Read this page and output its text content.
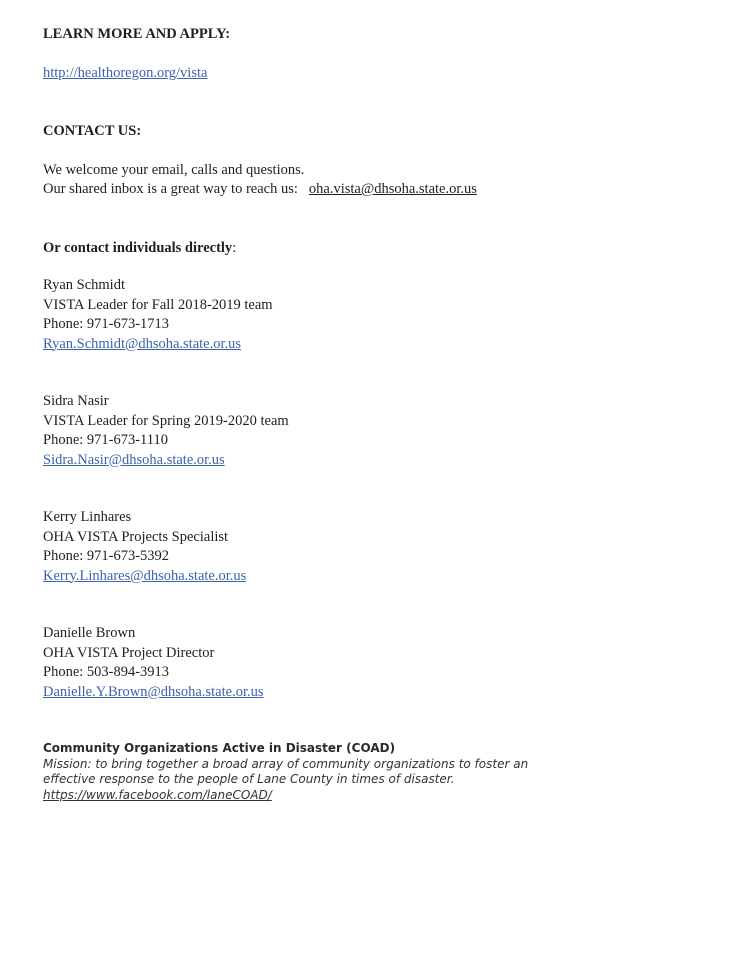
LEARN MORE AND APPLY:

http://healthoregon.org/vista

CONTACT US:

We welcome your email, calls and questions.
Our shared inbox is a great way to reach us: oha.vista@dhsoha.state.or.us

Or contact individuals directly:

Ryan Schmidt
VISTA Leader for Fall 2018-2019 team
Phone: 971-673-1713
Ryan.Schmidt@dhsoha.state.or.us
Sidra Nasir
VISTA Leader for Spring 2019-2020 team
Phone: 971-673-1110
Sidra.Nasir@dhsoha.state.or.us
Kerry Linhares
OHA VISTA Projects Specialist
Phone: 971-673-5392
Kerry.Linhares@dhsoha.state.or.us
Danielle Brown
OHA VISTA Project Director
Phone: 503-894-3913
Danielle.Y.Brown@dhsoha.state.or.us

Community Organizations Active in Disaster (COAD)

Mission: to bring together a broad array of community organizations to foster an effective response to the people of Lane County in times of disaster.

https://www.facebook.com/laneCOAD/
